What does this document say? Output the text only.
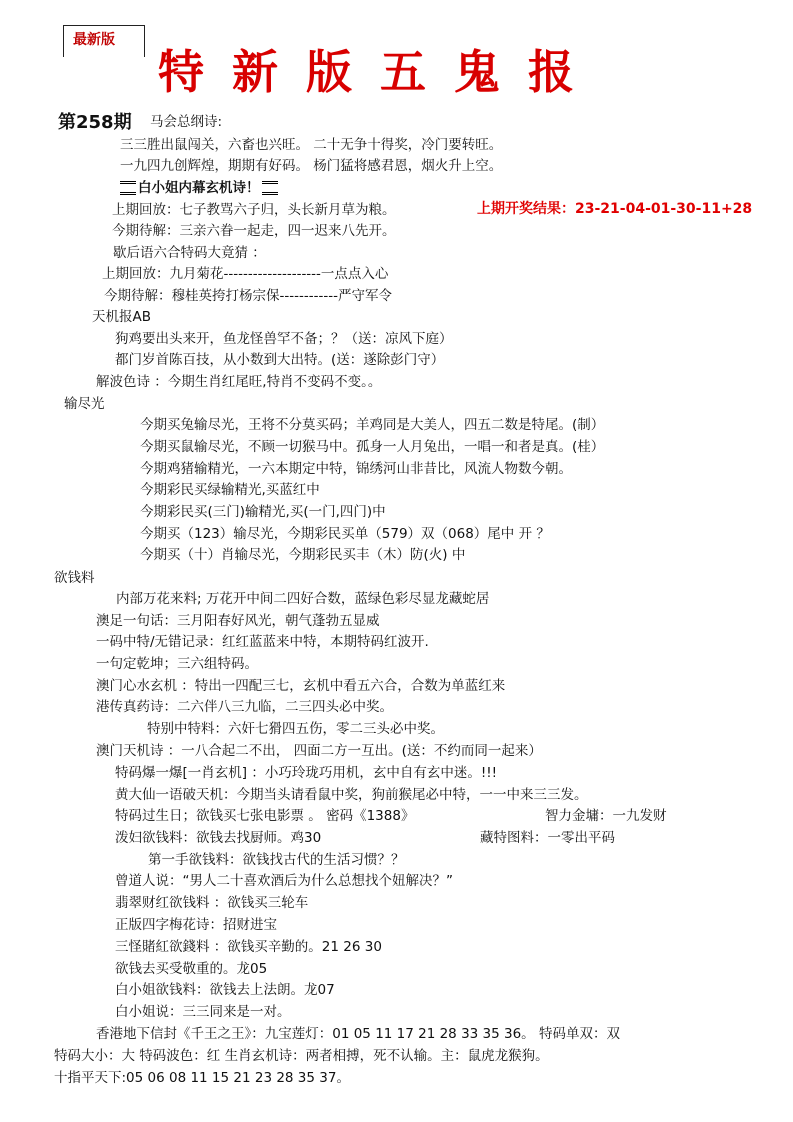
最新版
特新版五鬼报
第258期 马会总纲诗:
三三胜出鼠闯关，六畜也兴旺。 二十无争十得奖，冷门要转旺。
一九四九创辉煌，期期有好码。 杨门猛将感君恩，烟火升上空。
白小姐内幕玄机诗！
上期回放：七子教骂六子归，头长新月草为粮。	上期开奖结果：23-21-04-01-30-11+28
今期待解：三亲六眷一起走，四一迟来八先开。
歇后语六合特码大竟猜 ：
上期回放：九月菊花--------------------一点点入心
今期待解：穆桂英挎打杨宗保------------严守军令
天机报AB
狗鸡要出头来开，鱼龙怪兽罕不备；？（送：凉风下庭）
都门岁首陈百技，从小数到大出特。(送：遂除彭门守）
解波色诗 ：今期生肖红尾旺,特肖不变码不变。。
输尽光
今期买兔输尽光，王将不分莫买码；羊鸡同是大美人，四五二数是特尾。(制）
今期买鼠输尽光，不顾一切猴马中。孤身一人月兔出，一唱一和者是真。(桂）
今期鸡猪输精光，一六本期定中特，锦绣河山非昔比，风流人物数今朝。
今期彩民买绿输精光,买蓝红中
今期彩民买(三门)输精光,买(一门,四门)中
今期买（123）输尽光，今期彩民买单（579）双（068）尾中 开 ？
今期买（十）肖输尽光，今期彩民买丰（木）防(火) 中
欲钱料
内部万花来料; 万花开中间二四好合数，蓝绿色彩尽显龙藏蛇居
澳足一句话：三月阳春好风光，朝气蓬勃五显威
一码中特/无错记录：红红蓝蓝来中特，本期特码红波开.
一句定乾坤；三六组特码。
澳门心水玄机 ：特出一四配三七，玄机中看五六合，合数为单蓝红来
港传真药诗：二六伴八三九临，二三四头必中奖。
特别中特料：六奸七猾四五伤，零二三头必中奖。
澳门天机诗 ：一八合起二不出， 四面二方一互出。(送：不约而同一起来）
特码爆一爆[一肖玄机] ：小巧玲珑巧用机，玄中自有玄中迷。!!!
黄大仙一语破天机：今期当头请看鼠中奖，狗前猴尾必中特，一一中来三三发。
特码过生日；欲钱买七张电影票 。 密码《1388》	智力金墉：一九发财
泼妇欲钱料：欲钱去找厨师。鸡30	藏特图料：一零出平码
第一手欲钱料：欲钱找古代的生活习惯？？
曾道人说：“男人二十喜欢酒后为什么总想找个妞解决？”
翡翠财红欲钱料 ：欲钱买三轮车
正版四字梅花诗：招财进宝
三怪賭紅欲錢料 ：欲钱买辛勤的。21 26 30
欲钱去买受敬重的。龙05
白小姐欲钱料：欲钱去上法朗。龙07
白小姐说：三三同来是一对。
香港地下信封《千王之王》：九宝莲灯：01 05 11 17 21 28 33 35 36。 特码单双：双
特码大小：大 特码波色：红 生肖玄机诗：两者相搏，死不认输。主：鼠虎龙猴狗。
十指平天下:05 06 08 11 15 21 23 28 35 37。
